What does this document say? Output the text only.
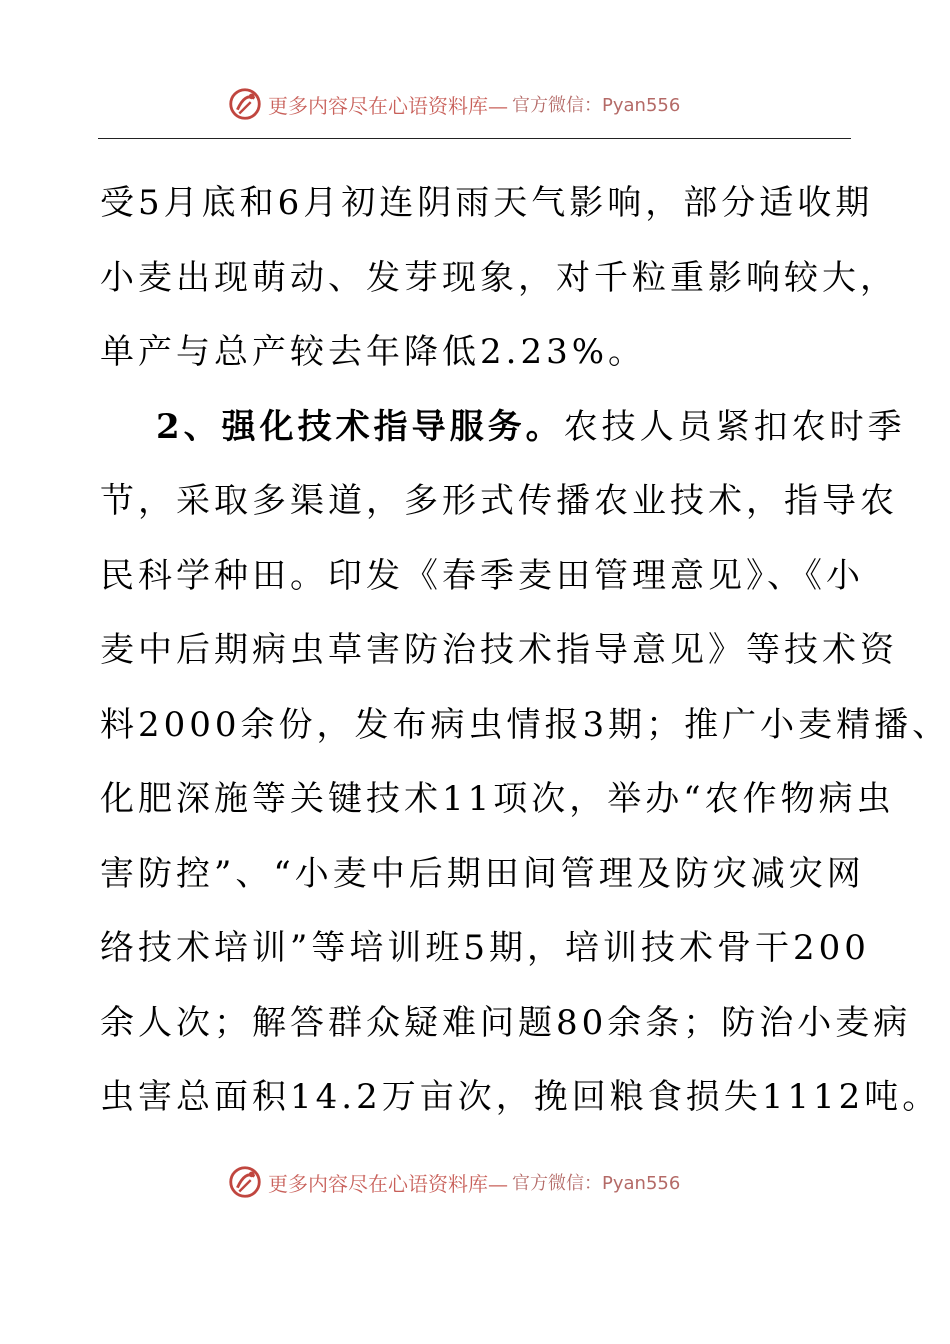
更多内容尽在心语资料库— 官方微信：Pyan556
受5月底和6月初连阴雨天气影响，部分适收期
小麦出现萌动、发芽现象，对千粒重影响较大，
单产与总产较去年降低2.23%。
2、强化技术指导服务。农技人员紧扣农时季
节，采取多渠道，多形式传播农业技术，指导农
民科学种田。印发《春季麦田管理意见》、《小
麦中后期病虫草害防治技术指导意见》等技术资
料2000余份，发布病虫情报3期；推广小麦精播、
化肥深施等关键技术11项次，举办“农作物病虫
害防控”、“小麦中后期田间管理及防灾减灾网
络技术培训”等培训班5期，培训技术骨干200
余人次；解答群众疑难问题80余条；防治小麦病
虫害总面积14.2万亩次，挽回粮食损失1112吨。
更多内容尽在心语资料库— 官方微信：Pyan556
